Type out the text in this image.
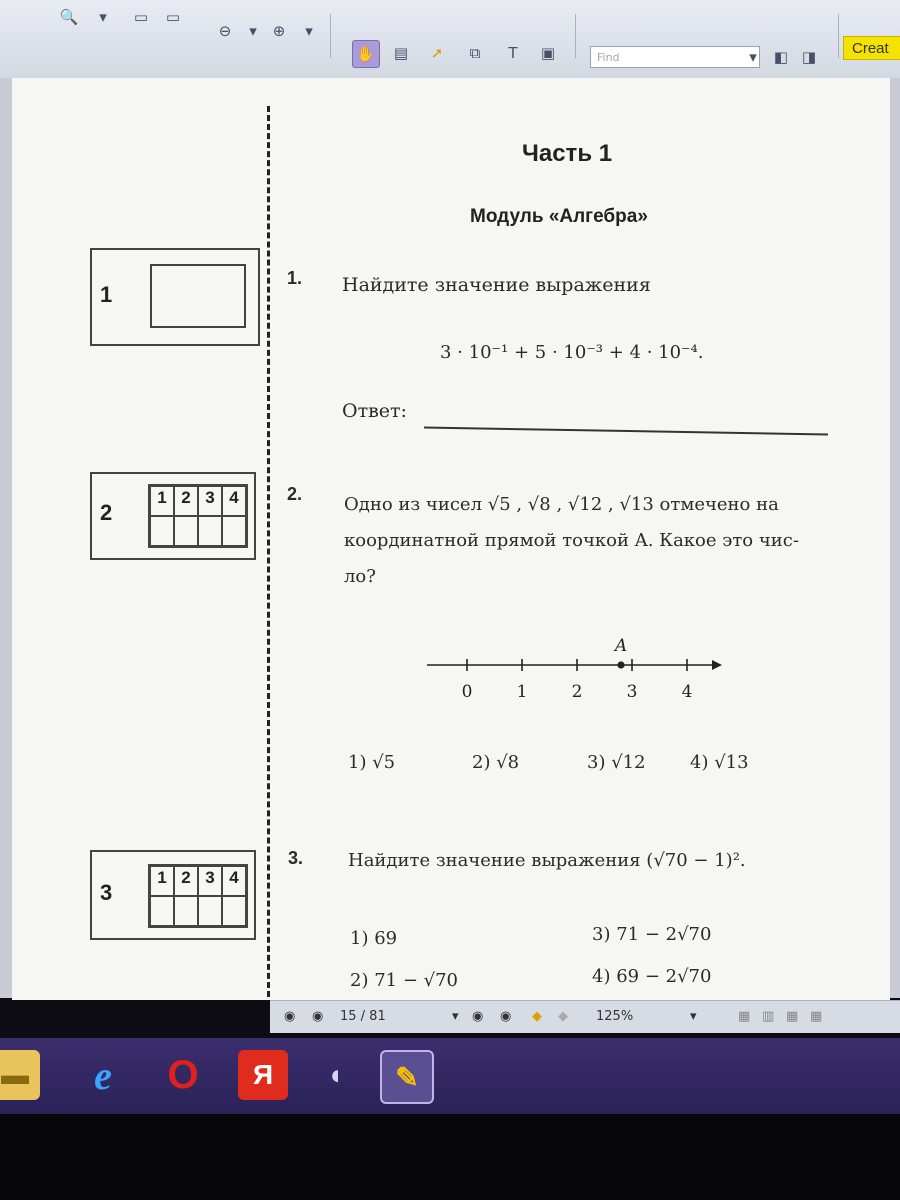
🔍	▾	▭	▭
⊖	▾	⊕	▾
✋	▤	➚	⧉	T	▣	Find	▾	◧ ◨	Creat
Часть 1
Модуль «Алгебра»
1
1. Найдите значение выражения
3 · 10⁻¹ + 5 · 10⁻³ + 4 · 10⁻⁴.
Ответ:
2
1 2 3 4	2. Одно из чисел √5 , √8 , √12 , √13 отмечено на
координатной прямой точкой A. Какое это чис-
ло?
0	1	2	3	4
A
1) √5	2) √8	3) √12 4) √13
3
1 2 3 4
3. Найдите значение выражения (√70 − 1)².
1) 69	3) 71 − 2√70
2) 71 − √70	4) 69 − 2√70
◉ ◉ 15 / 81	▾ ◉ ◉ ◆ ◆ 125%	▾	▦ ▥ ▦ ▦
▬	e	O	Я	◖	✎
